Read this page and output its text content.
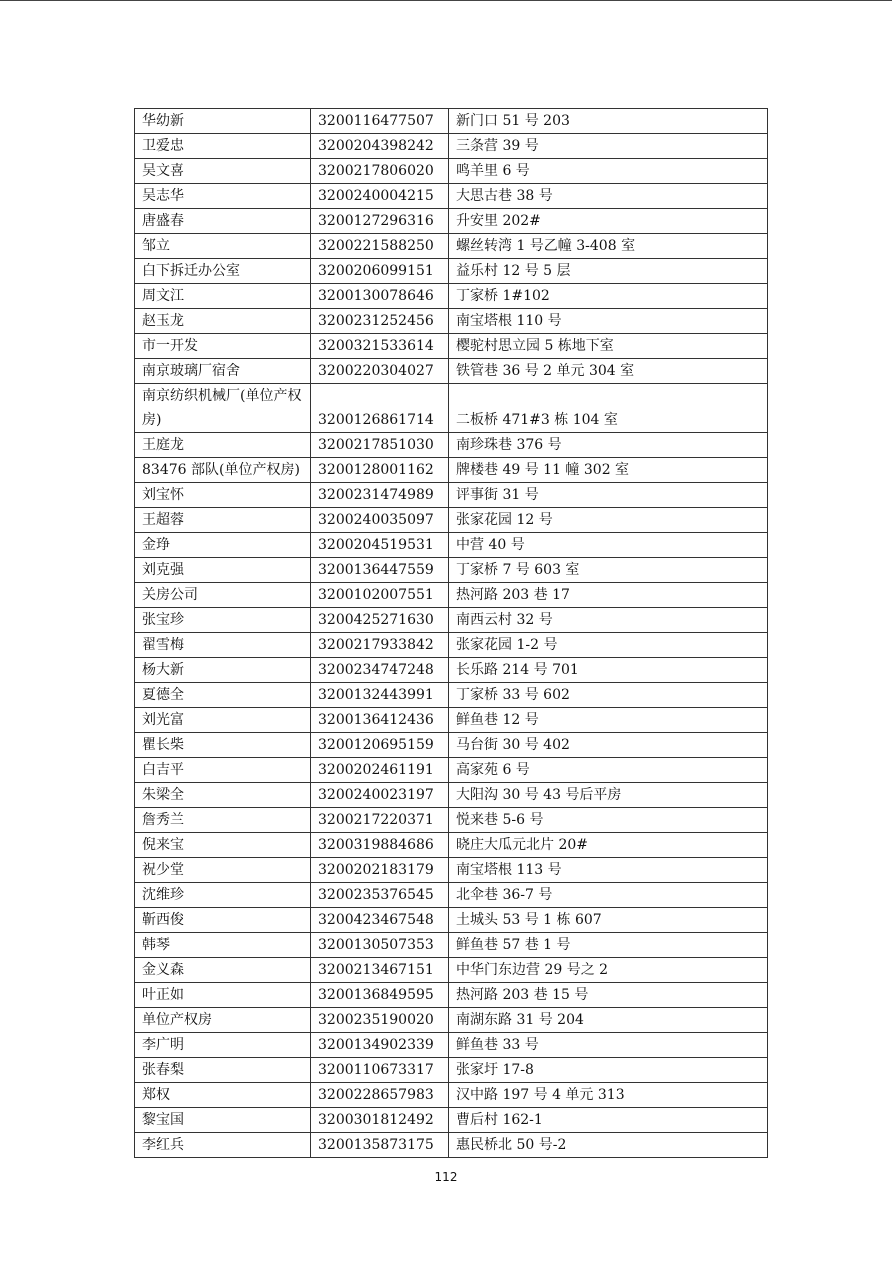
华幼新	3200116477507	新门口 51 号 203
卫爱忠	3200204398242	三条营 39 号
吴文喜	3200217806020	鸣羊里 6 号
吴志华	3200240004215	大思古巷 38 号
唐盛春	3200127296316	升安里 202#
邹立	3200221588250	螺丝转湾 1 号乙幢 3-408 室
白下拆迁办公室	3200206099151	益乐村 12 号 5 层
周文江	3200130078646	丁家桥 1#102
赵玉龙	3200231252456	南宝塔根 110 号
市一开发	3200321533614	樱驼村思立园 5 栋地下室
南京玻璃厂宿舍	3200220304027	铁管巷 36 号 2 单元 304 室
南京纺织机械厂(单位产权房)	3200126861714	二板桥 471#3 栋 104 室
王庭龙	3200217851030	南珍珠巷 376 号
83476 部队(单位产权房)	3200128001162	牌楼巷 49 号 11 幢 302 室
刘宝怀	3200231474989	评事街 31 号
王超蓉	3200240035097	张家花园 12 号
金琤	3200204519531	中营 40 号
刘克强	3200136447559	丁家桥 7 号 603 室
关房公司	3200102007551	热河路 203 巷 17
张宝珍	3200425271630	南西云村 32 号
翟雪梅	3200217933842	张家花园 1-2 号
杨大新	3200234747248	长乐路 214 号 701
夏德全	3200132443991	丁家桥 33 号 602
刘光富	3200136412436	鲜鱼巷 12 号
瞿长柴	3200120695159	马台街 30 号 402
白吉平	3200202461191	高家苑 6 号
朱梁全	3200240023197	大阳沟 30 号 43 号后平房
詹秀兰	3200217220371	悦来巷 5-6 号
倪来宝	3200319884686	晓庄大瓜元北片 20#
祝少堂	3200202183179	南宝塔根 113 号
沈维珍	3200235376545	北伞巷 36-7 号
靳西俊	3200423467548	土城头 53 号 1 栋 607
韩琴	3200130507353	鲜鱼巷 57 巷 1 号
金义森	3200213467151	中华门东边营 29 号之 2
叶正如	3200136849595	热河路 203 巷 15 号
单位产权房	3200235190020	南湖东路 31 号 204
李广明	3200134902339	鲜鱼巷 33 号
张春梨	3200110673317	张家圩 17-8
郑权	3200228657983	汉中路 197 号 4 单元 313
黎宝国	3200301812492	曹后村 162-1
李红兵	3200135873175	惠民桥北 50 号-2
112
